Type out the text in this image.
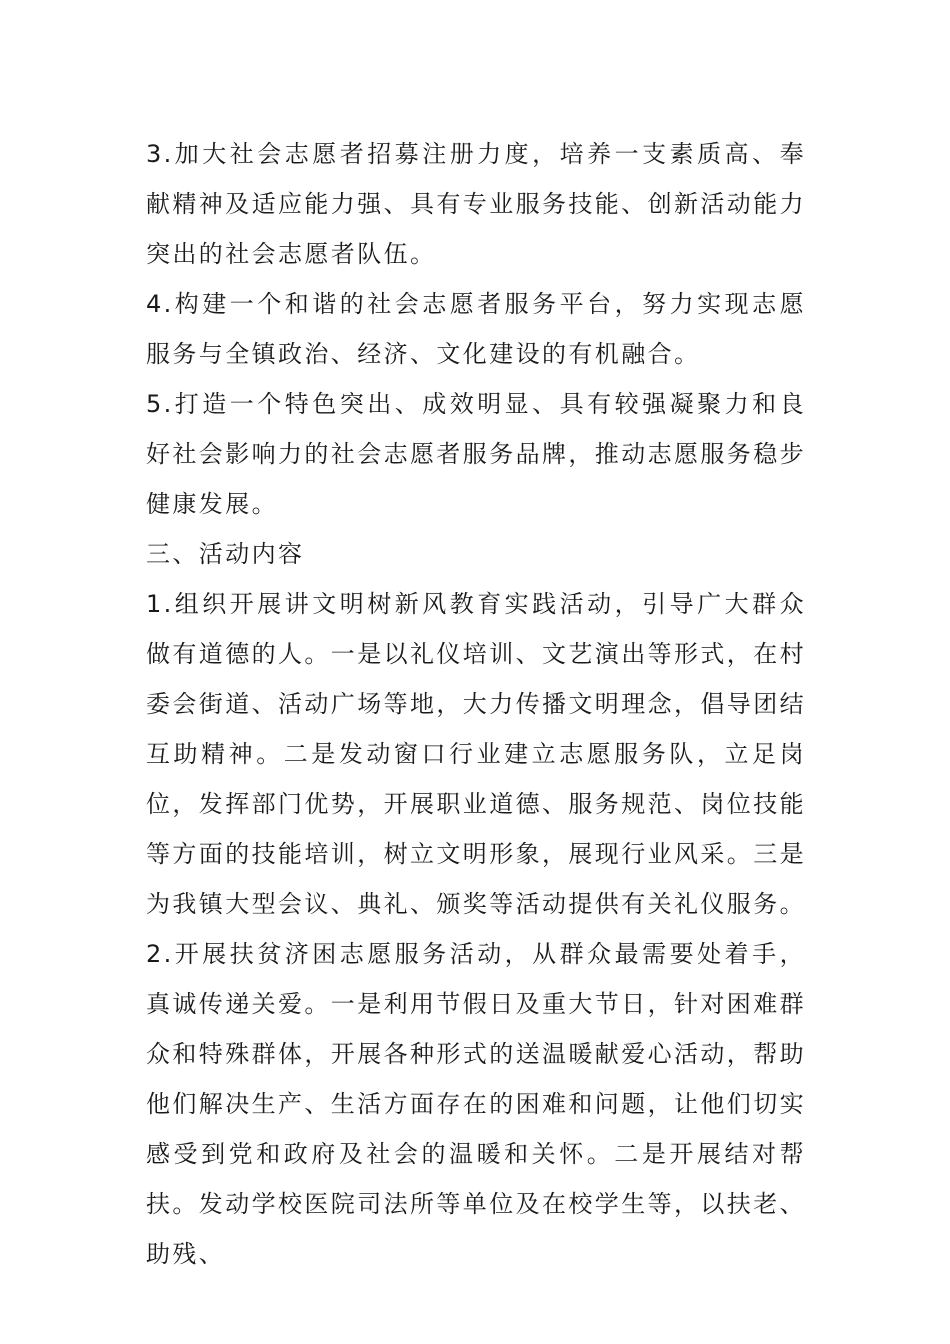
3.加大社会志愿者招募注册力度，培养一支素质高、奉献精神及适应能力强、具有专业服务技能、创新活动能力突出的社会志愿者队伍。

4.构建一个和谐的社会志愿者服务平台，努力实现志愿服务与全镇政治、经济、文化建设的有机融合。

5.打造一个特色突出、成效明显、具有较强凝聚力和良好社会影响力的社会志愿者服务品牌，推动志愿服务稳步健康发展。

三、活动内容

1.组织开展讲文明树新风教育实践活动，引导广大群众做有道德的人。一是以礼仪培训、文艺演出等形式，在村委会街道、活动广场等地，大力传播文明理念，倡导团结互助精神。二是发动窗口行业建立志愿服务队，立足岗位，发挥部门优势，开展职业道德、服务规范、岗位技能等方面的技能培训，树立文明形象，展现行业风采。三是为我镇大型会议、典礼、颁奖等活动提供有关礼仪服务。

2.开展扶贫济困志愿服务活动，从群众最需要处着手，真诚传递关爱。一是利用节假日及重大节日，针对困难群众和特殊群体，开展各种形式的送温暖献爱心活动，帮助他们解决生产、生活方面存在的困难和问题，让他们切实感受到党和政府及社会的温暖和关怀。二是开展结对帮扶。发动学校医院司法所等单位及在校学生等，以扶老、助残、
